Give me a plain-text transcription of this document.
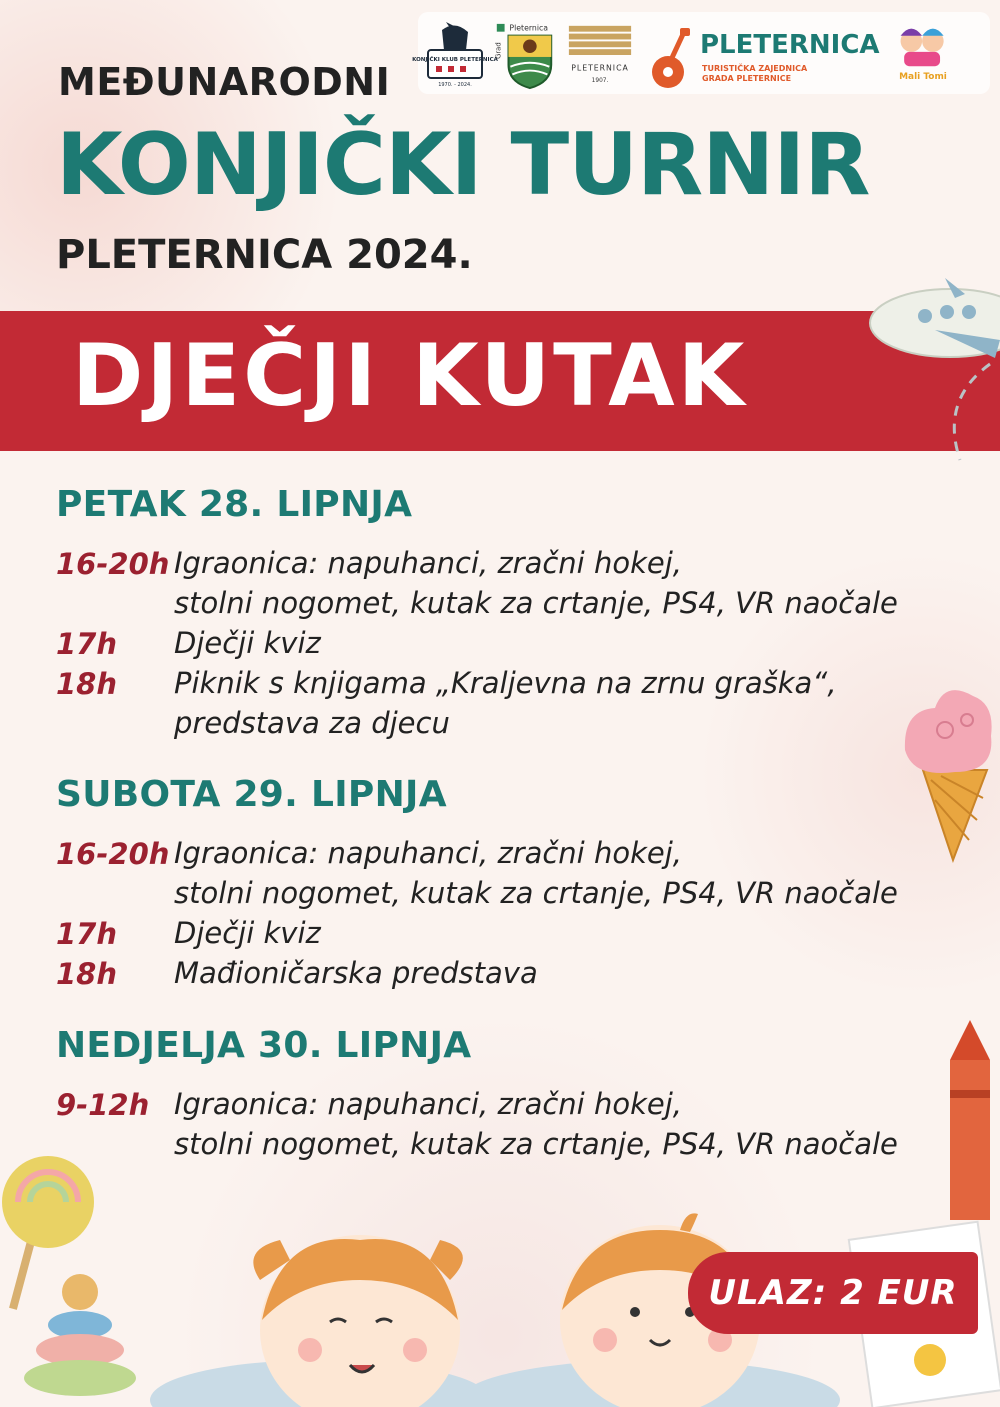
KONJIČKI KLUB PLETERNICA
1970. - 2024.
Grad
Pleternica
PLETERNICA
1907.
PLETERNICA
TURISTIČKA ZAJEDNICA
GRADA PLETERNICE	Mali Tomi
MEĐUNARODNI
KONJIČKI TURNIR
PLETERNICA 2024.
DJEČJI KUTAK
PETAK 28. LIPNJA
16-20h Igraonica: napuhanci, zračni hokej,
stolni nogomet, kutak za crtanje, PS4, VR naočale
17h Dječji kviz
18h Piknik s knjigama „Kraljevna na zrnu graška“,
predstava za djecu
SUBOTA 29. LIPNJA
16-20h Igraonica: napuhanci, zračni hokej,
stolni nogomet, kutak za crtanje, PS4, VR naočale
17h Dječji kviz
18h Mađioničarska predstava
NEDJELJA 30. LIPNJA
9-12h Igraonica: napuhanci, zračni hokej,
stolni nogomet, kutak za crtanje, PS4, VR naočale
ULAZ: 2 EUR
